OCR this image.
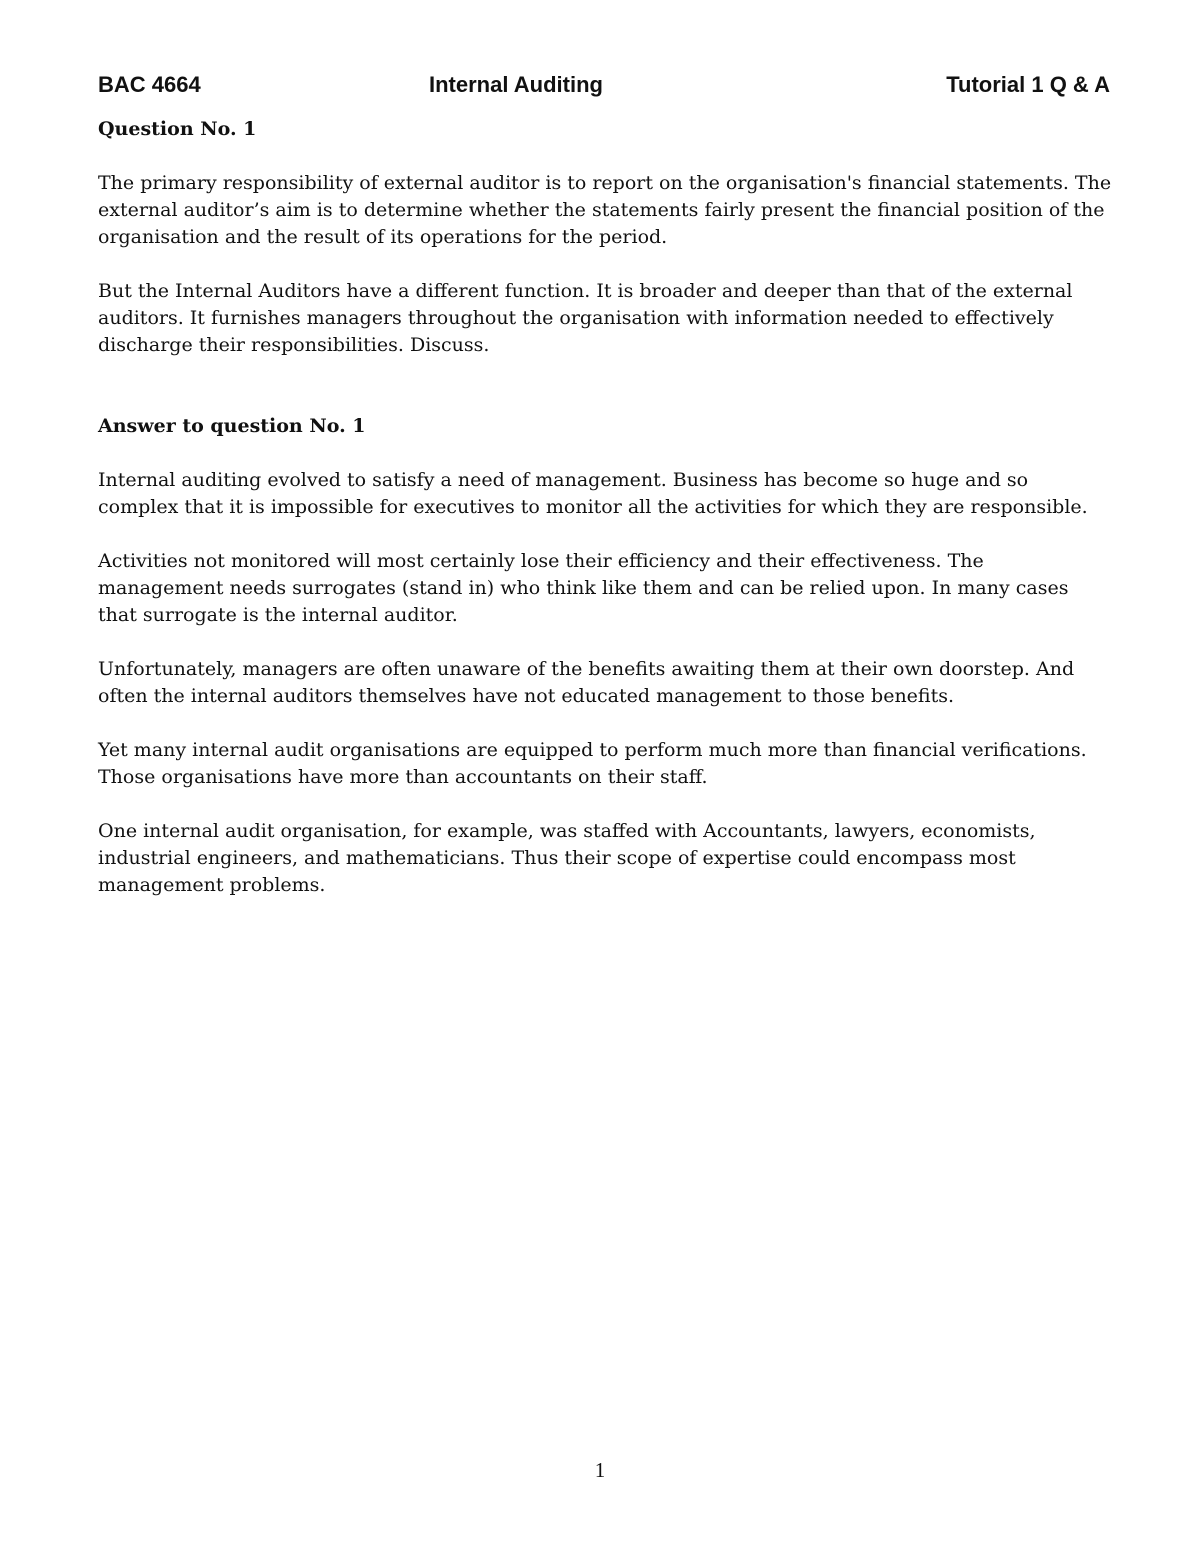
BAC 4664	Internal Auditing	Tutorial 1 Q & A

Question No. 1

The primary responsibility of external auditor is to report on the organisation's financial statements. The external auditor’s aim is to determine whether the statements fairly present the financial position of the organisation and the result of its operations for the period.

But the Internal Auditors have a different function. It is broader and deeper than that of the external auditors. It furnishes managers throughout the organisation with information needed to effectively discharge their responsibilities. Discuss.

Answer to question No. 1

Internal auditing evolved to satisfy a need of management. Business has become so huge and so complex that it is impossible for executives to monitor all the activities for which they are responsible.

Activities not monitored will most certainly lose their efficiency and their effectiveness. The management needs surrogates (stand in) who think like them and can be relied upon. In many cases that surrogate is the internal auditor.

Unfortunately, managers are often unaware of the benefits awaiting them at their own doorstep. And often the internal auditors themselves have not educated management to those benefits.

Yet many internal audit organisations are equipped to perform much more than financial verifications. Those organisations have more than accountants on their staff.

One internal audit organisation, for example, was staffed with Accountants, lawyers, economists, industrial engineers, and mathematicians. Thus their scope of expertise could encompass most management problems.

1
